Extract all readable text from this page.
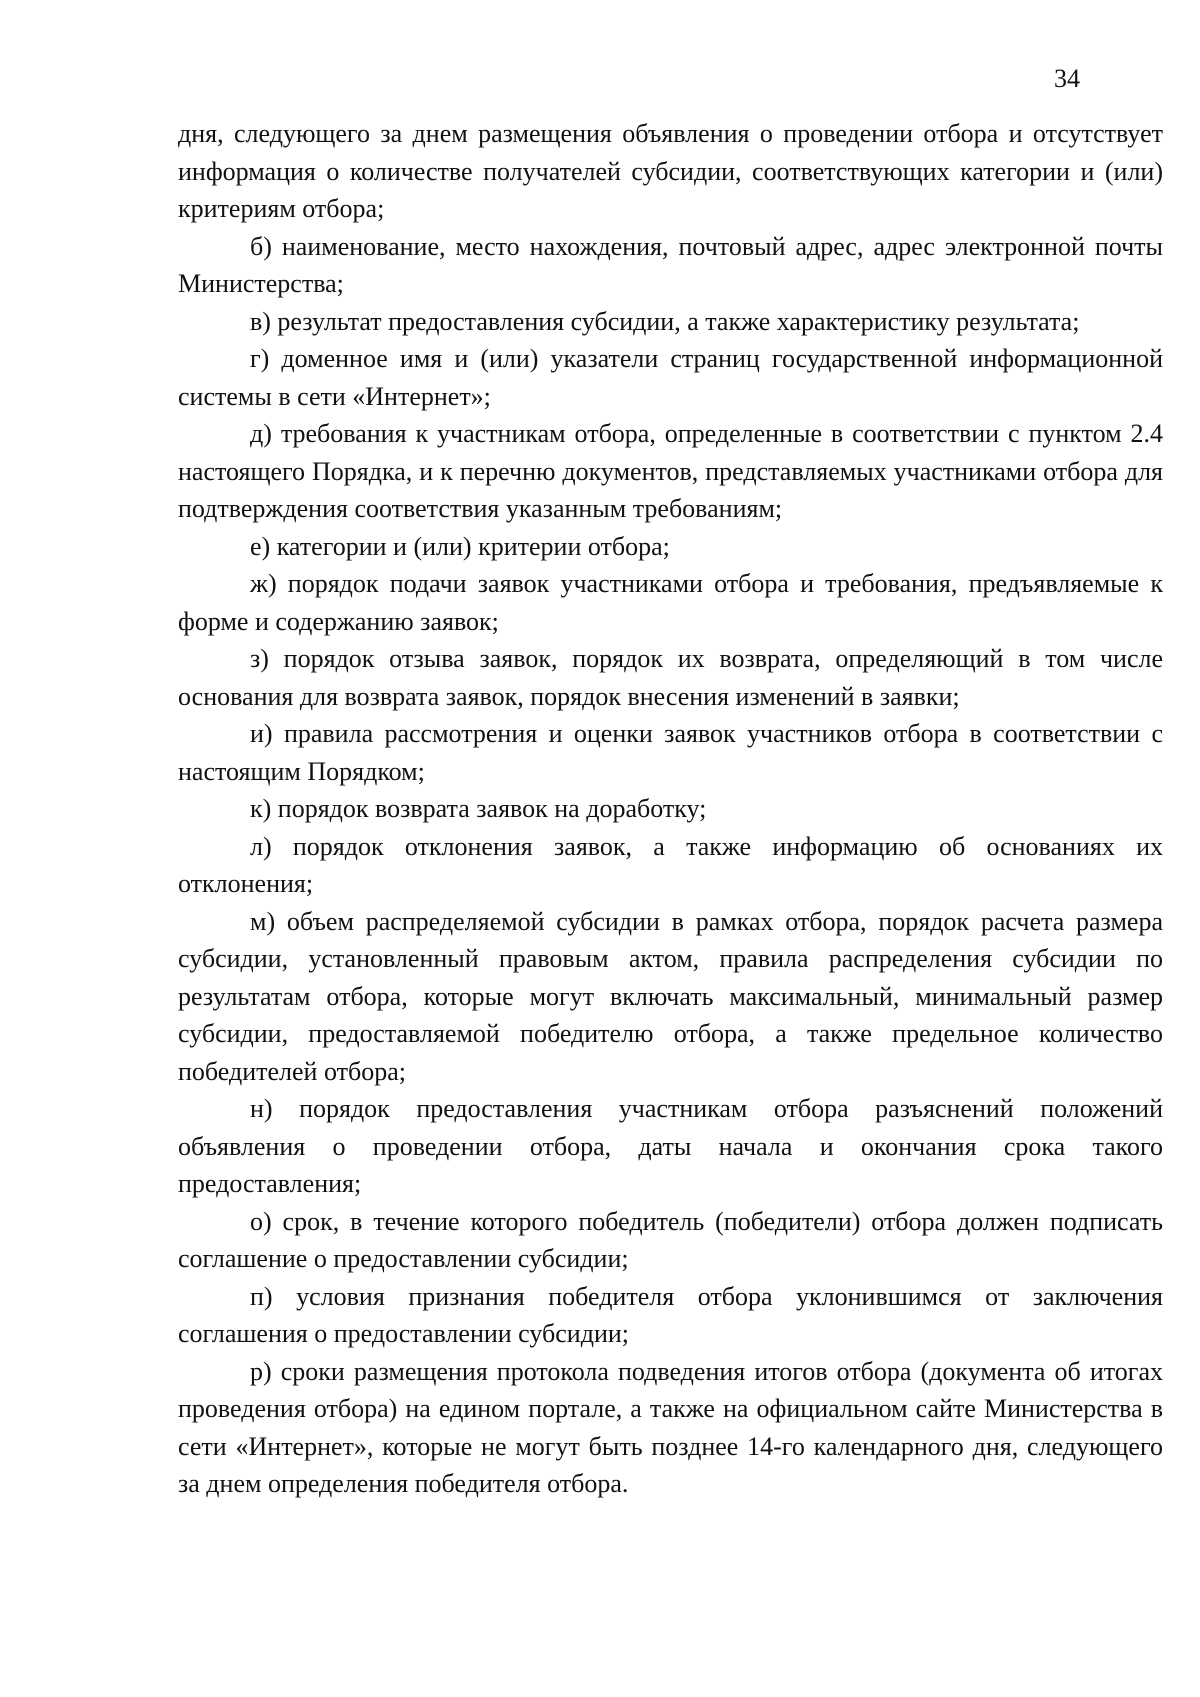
34

дня, следующего за днем размещения объявления о проведении отбора и отсутствует информация о количестве получателей субсидии, соответствующих категории и (или) критериям отбора;

б) наименование, место нахождения, почтовый адрес, адрес электронной почты Министерства;

в) результат предоставления субсидии, а также характеристику результата;

г) доменное имя и (или) указатели страниц государственной информационной системы в сети «Интернет»;

д) требования к участникам отбора, определенные в соответствии с пунктом 2.4 настоящего Порядка, и к перечню документов, представляемых участниками отбора для подтверждения соответствия указанным требованиям;

е) категории и (или) критерии отбора;

ж) порядок подачи заявок участниками отбора и требования, предъявляемые к форме и содержанию заявок;

з) порядок отзыва заявок, порядок их возврата, определяющий в том числе основания для возврата заявок, порядок внесения изменений в заявки;

и) правила рассмотрения и оценки заявок участников отбора в соответствии с настоящим Порядком;

к) порядок возврата заявок на доработку;

л) порядок отклонения заявок, а также информацию об основаниях их отклонения;

м) объем распределяемой субсидии в рамках отбора, порядок расчета размера субсидии, установленный правовым актом, правила распределения субсидии по результатам отбора, которые могут включать максимальный, минимальный размер субсидии, предоставляемой победителю отбора, а также предельное количество победителей отбора;

н) порядок предоставления участникам отбора разъяснений положений объявления о проведении отбора, даты начала и окончания срока такого предоставления;

о) срок, в течение которого победитель (победители) отбора должен подписать соглашение о предоставлении субсидии;

п) условия признания победителя отбора уклонившимся от заключения соглашения о предоставлении субсидии;

р) сроки размещения протокола подведения итогов отбора (документа об итогах проведения отбора) на едином портале, а также на официальном сайте Министерства в сети «Интернет», которые не могут быть позднее 14-го календарного дня, следующего за днем определения победителя отбора.
